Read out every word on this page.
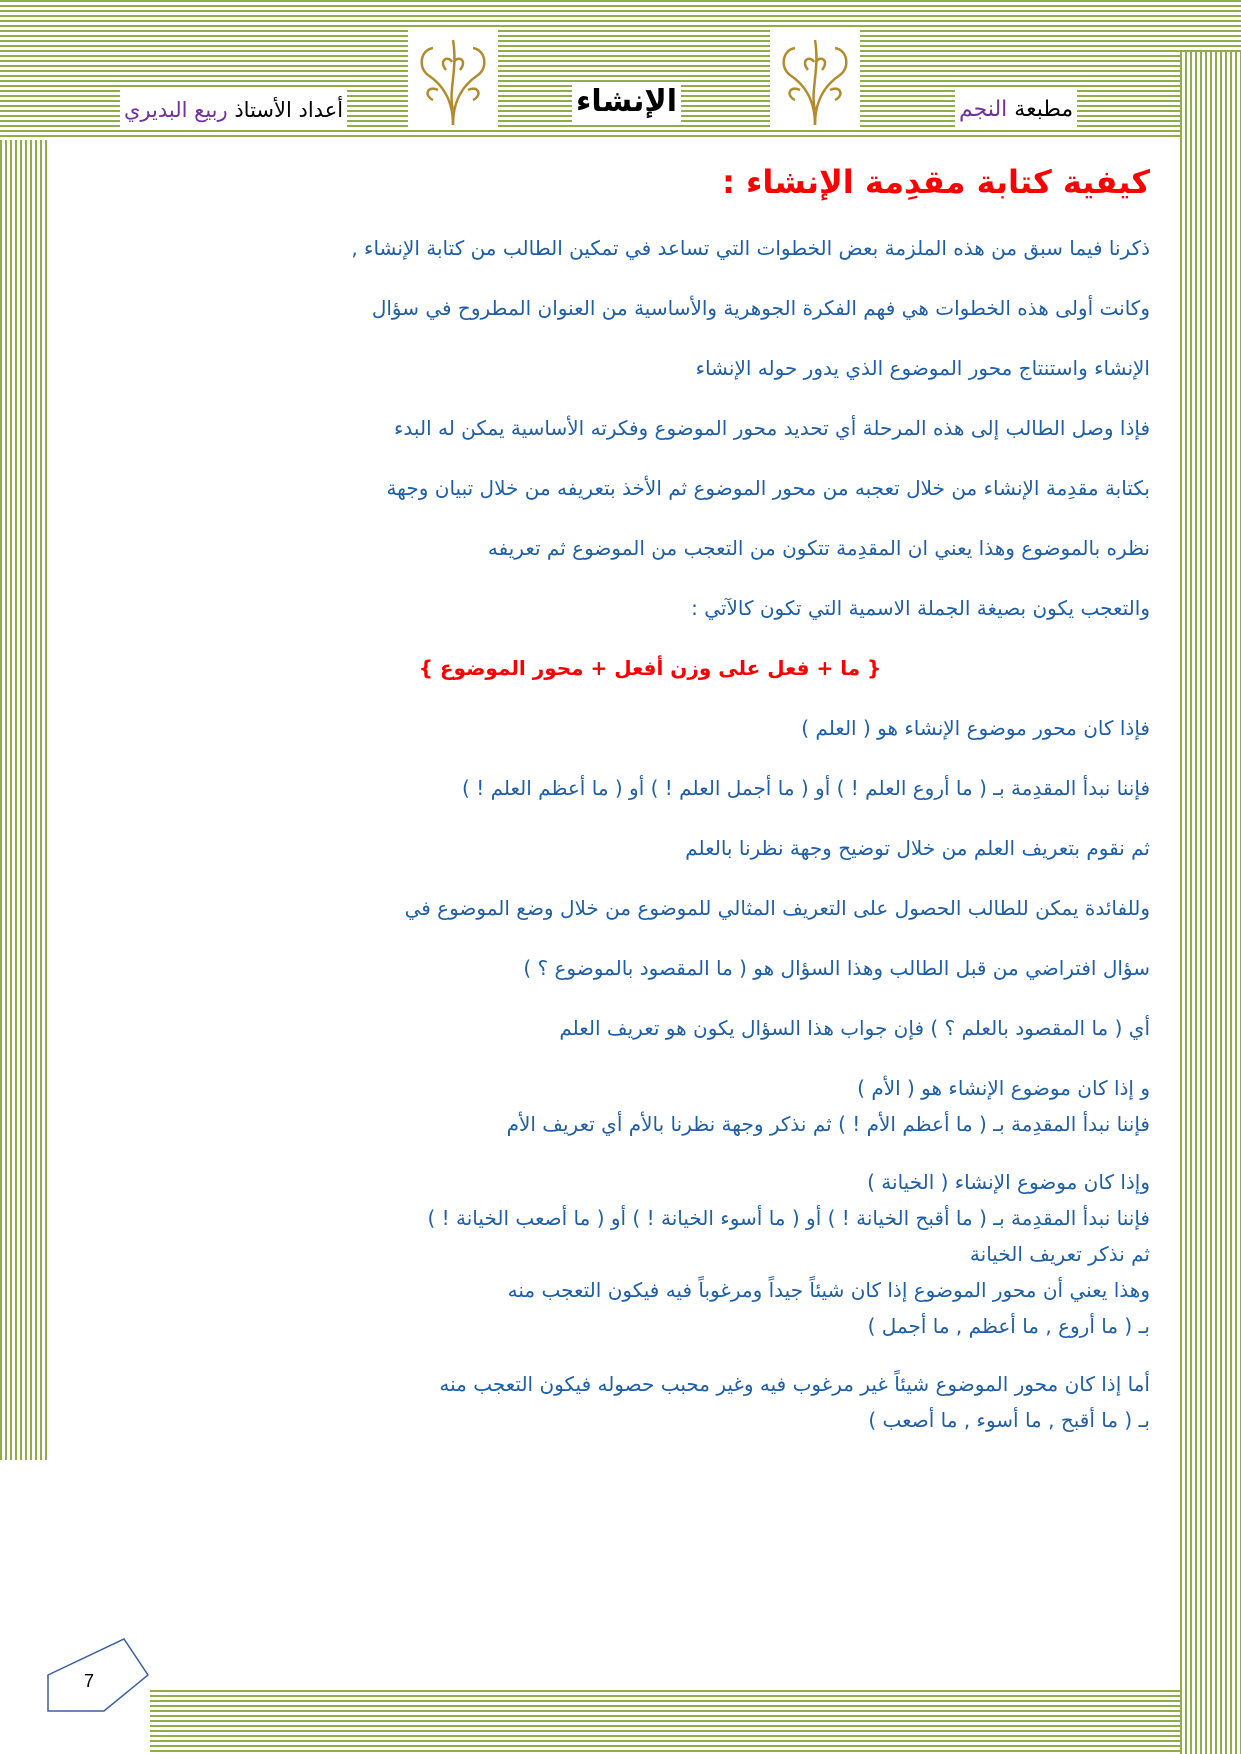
أعداد الأستاذ ربيع البديري	الإنشاء	مطبعة النجم
كيفية كتابة مقدِمة الإنشاء :

ذكرنا فيما سبق من هذه الملزمة بعض الخطوات التي تساعد في تمكين الطالب من كتابة الإنشاء ,

وكانت أولى هذه الخطوات هي فهم الفكرة الجوهرية والأساسية من العنوان المطروح في سؤال

الإنشاء واستنتاج محور الموضوع الذي يدور حوله الإنشاء

فإذا وصل الطالب إلى هذه المرحلة أي تحديد محور الموضوع وفكرته الأساسية يمكن له البدء

بكتابة مقدِمة الإنشاء من خلال تعجبه من محور الموضوع ثم الأخذ بتعريفه من خلال تبيان وجهة

نظره بالموضوع وهذا يعني ان المقدِمة تتكون من التعجب من الموضوع ثم تعريفه

والتعجب يكون بصيغة الجملة الاسمية التي تكون كالآتي :

{ ما + فعل على وزن أفعل + محور الموضوع }

فإذا كان محور موضوع الإنشاء هو ( العلم )

فإننا نبدأ المقدِمة بـ ( ما أروع العلم ! ) أو ( ما أجمل العلم ! ) أو ( ما أعظم العلم ! )

ثم نقوم بتعريف العلم من خلال توضيح وجهة نظرنا بالعلم

وللفائدة يمكن للطالب الحصول على التعريف المثالي للموضوع من خلال وضع الموضوع في

سؤال افتراضي من قبل الطالب وهذا السؤال هو ( ما المقصود بالموضوع ؟ )

أي ( ما المقصود بالعلم ؟ ) فإن جواب هذا السؤال يكون هو تعريف العلم

و إذا كان موضوع الإنشاء هو ( الأم )

فإننا نبدأ المقدِمة بـ ( ما أعظم الأم ! ) ثم نذكر وجهة نظرنا بالأم أي تعريف الأم

وإذا كان موضوع الإنشاء ( الخيانة )

فإننا نبدأ المقدِمة بـ ( ما أقبح الخيانة ! ) أو ( ما أسوء الخيانة ! ) أو ( ما أصعب الخيانة ! )

ثم نذكر تعريف الخيانة

وهذا يعني أن محور الموضوع إذا كان شيئاً جيداً ومرغوباً فيه فيكون التعجب منه

بـ ( ما أروع , ما أعظم , ما أجمل )

أما إذا كان محور الموضوع شيئاً غير مرغوب فيه وغير محبب حصوله فيكون التعجب منه

بـ ( ما أقبح , ما أسوء , ما أصعب )

7
